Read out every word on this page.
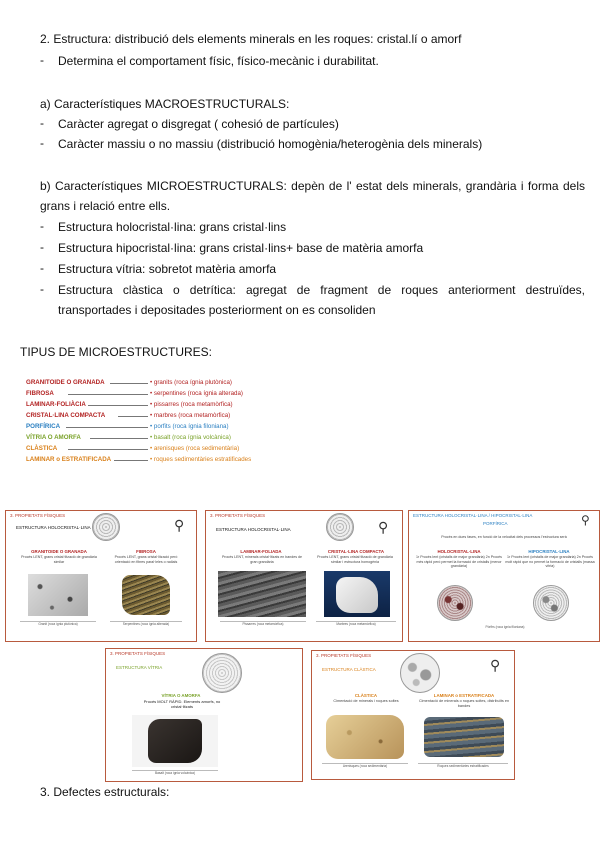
2. Estructura: distribució dels elements minerals en les roques: cristal.lí o amorf
- Determina el comportament físic, físico-mecànic i durabilitat.
a) Característiques MACROESTRUCTURALS:
- Caràcter agregat o disgregat ( cohesió de partícules)
- Caràcter massiu o no massiu (distribució homogènia/heterogènia dels minerals)
b) Característiques MICROESTRUCTURALS: depèn de l' estat dels minerals, grandària i forma dels grans i relació entre ells.
- Estructura holocristal·lina: grans cristal·lins
- Estructura hipocristal·lina: grans cristal·lins+ base de matèria amorfa
- Estructura vítria: sobretot matèria amorfa
- Estructura clàstica o detrítica: agregat de fragment de roques anteriorment destruïdes, transportades i depositades posteriorment on es consoliden
TIPUS DE MICROESTRUCTURES:
GRANITOIDE O GRANADA	• granits (roca ígnia plutònica)
FIBROSA	• serpentines (roca ígnia alterada)
LAMINAR-FOLIÀCIA	• pissarres (roca metamòrfica)
CRISTAL·LINA COMPACTA	• marbres (roca metamòrfica)
PORFÍRICA	• porfits (roca ígnia filoniana)
VÍTRIA O AMORFA	• basalt (roca ígnia volcànica)
CLÀSTICA	• arenisques (roca sedimentària)
LAMINAR o ESTRATIFICADA	• roques sedimentàries estratificades
3. PROPIETATS FÍSIQUES
ESTRUCTURA HOLOCRISTAL·LINA	⚲
GRANITOIDE O GRANADA
Procés LENT, grans cristal·lització de grandària similar
Granit (roca ígnia plutònica)
FIBROSA
Procés LENT, grans cristal·lització però orientació en fibres paral·leles o radials
Serpentines (roca ígnia alterada)
3. PROPIETATS FÍSIQUES
ESTRUCTURA HOLOCRISTAL·LINA	⚲
LAMINAR-FOLIADA
Procés LENT, minerals cristal·litzats en bandes de gran grandària
Pissarres (roca metamòrfica)
CRISTAL·LINA COMPACTA
Procés LENT, grans cristal·lització de grandària similar i estructura homogènia
Marbres (roca metamòrfica)
ESTRUCTURA HOLOCRISTAL·LINA / HIPOCRISTAL·LINA
PORFÍRICA	⚲
Procés en dues fases, en funció de la velocitat dels processos l'estructura serà
HOLOCRISTAL·LINA
1r Procés lent (cristalls de major grandària) 2n Procés més ràpid però permet la formació de cristalls (menor grandària)
HIPOCRISTAL·LINA
1r Procés lent (cristalls de major grandària) 2n Procés molt ràpid que no permet la formació de cristalls (massa vítria)
Pòrfirs (roca ígnia filoniana)
3. PROPIETATS FÍSIQUES
ESTRUCTURA VÍTRIA
VÍTRIA O AMORFA
Procés MOLT RÀPID. Elements amorfs, no cristal·litzats
Basalt (roca ígnia volcànica)
3. PROPIETATS FÍSIQUES
ESTRUCTURA CLÀSTICA	⚲
CLÀSTICA
Cimentació de minerals i roques soltes
Arenisques (roca sedimentària)
LAMINAR o ESTRATIFICADA
Cimentació de minerals o roques soltes, distribuïts en bandes
Roques sedimentàries estratificades
3. Defectes estructurals:
